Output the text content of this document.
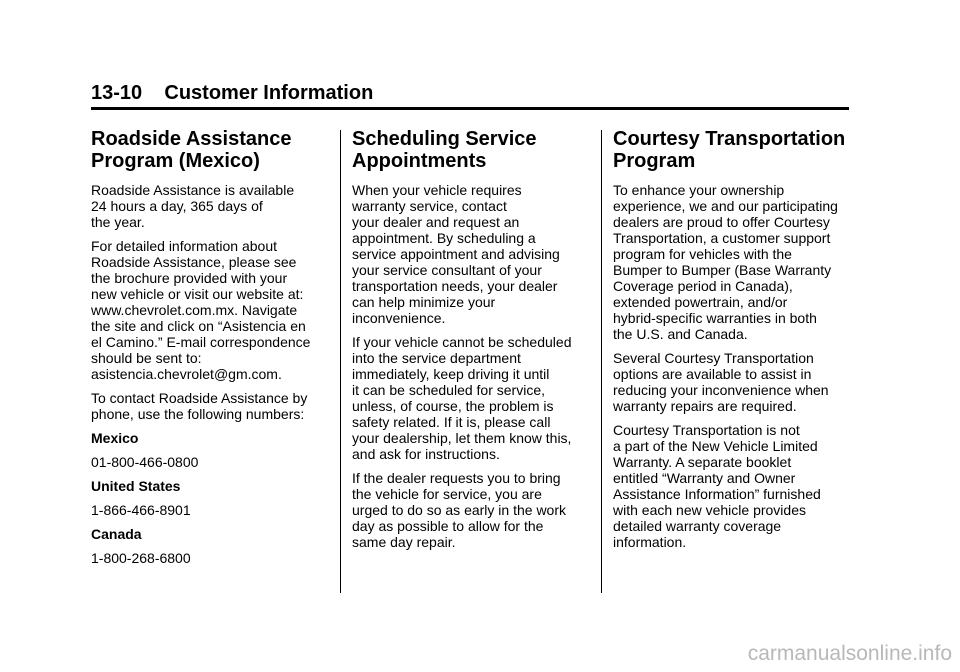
13-10 Customer Information
Roadside Assistance
Program (Mexico)

Roadside Assistance is available
24 hours a day, 365 days of
the year.

For detailed information about
Roadside Assistance, please see
the brochure provided with your
new vehicle or visit our website at:
www.chevrolet.com.mx. Navigate
the site and click on “Asistencia en
el Camino.” E-mail correspondence
should be sent to:
asistencia.chevrolet@gm.com.

To contact Roadside Assistance by
phone, use the following numbers:

Mexico
01-800-466-0800
United States
1-866-466-8901
Canada
1-800-268-6800
Scheduling Service
Appointments

When your vehicle requires
warranty service, contact
your dealer and request an
appointment. By scheduling a
service appointment and advising
your service consultant of your
transportation needs, your dealer
can help minimize your
inconvenience.

If your vehicle cannot be scheduled
into the service department
immediately, keep driving it until
it can be scheduled for service,
unless, of course, the problem is
safety related. If it is, please call
your dealership, let them know this,
and ask for instructions.

If the dealer requests you to bring
the vehicle for service, you are
urged to do so as early in the work
day as possible to allow for the
same day repair.

Courtesy Transportation
Program

To enhance your ownership
experience, we and our participating
dealers are proud to offer Courtesy
Transportation, a customer support
program for vehicles with the
Bumper to Bumper (Base Warranty
Coverage period in Canada),
extended powertrain, and/or
hybrid-specific warranties in both
the U.S. and Canada.

Several Courtesy Transportation
options are available to assist in
reducing your inconvenience when
warranty repairs are required.

Courtesy Transportation is not
a part of the New Vehicle Limited
Warranty. A separate booklet
entitled “Warranty and Owner
Assistance Information” furnished
with each new vehicle provides
detailed warranty coverage
information.

carmanualsonline.info
